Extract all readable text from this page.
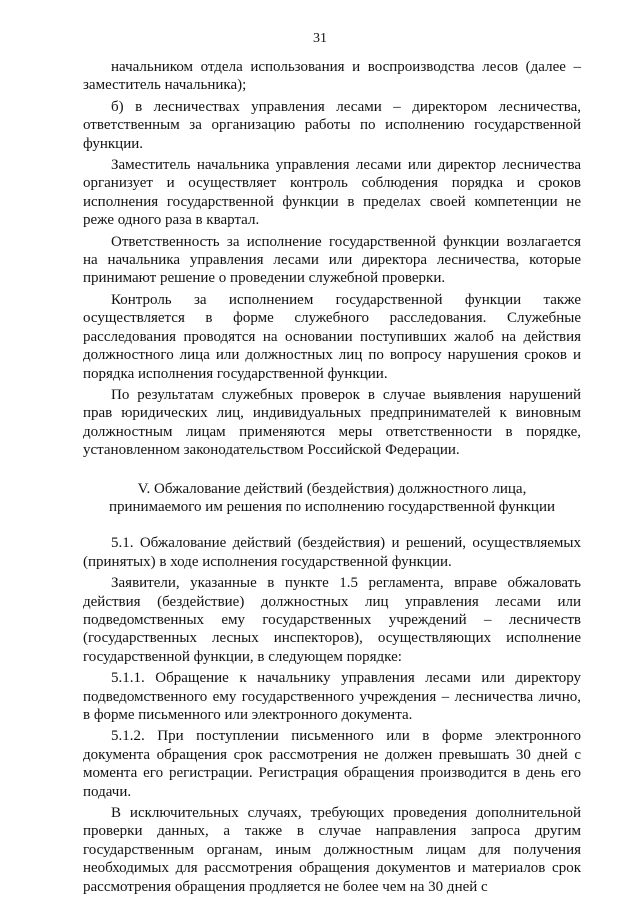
31

начальником отдела использования и воспроизводства лесов (далее – заместитель начальника);

б) в лесничествах управления лесами – директором лесничества, ответственным за организацию работы по исполнению государственной функции.

Заместитель начальника управления лесами или директор лесничества организует и осуществляет контроль соблюдения порядка и сроков исполнения государственной функции в пределах своей компетенции не реже одного раза в квартал.

Ответственность за исполнение государственной функции возлагается на начальника управления лесами или директора лесничества, которые принимают решение о проведении служебной проверки.

Контроль за исполнением государственной функции также осуществляется в форме служебного расследования. Служебные расследования проводятся на основании поступивших жалоб на действия должностного лица или должностных лиц по вопросу нарушения сроков и порядка исполнения государственной функции.

По результатам служебных проверок в случае выявления нарушений прав юридических лиц, индивидуальных предпринимателей к виновным должностным лицам применяются меры ответственности в порядке, установленном законодательством Российской Федерации.

V. Обжалование действий (бездействия) должностного лица,
принимаемого им решения по исполнению государственной функции

5.1. Обжалование действий (бездействия) и решений, осуществляемых (принятых) в ходе исполнения государственной функции.

Заявители, указанные в пункте 1.5 регламента, вправе обжаловать действия (бездействие) должностных лиц управления лесами или подведомственных ему государственных учреждений – лесничеств (государственных лесных инспекторов), осуществляющих исполнение государственной функции, в следующем порядке:

5.1.1. Обращение к начальнику управления лесами или директору подведомственного ему государственного учреждения – лесничества лично, в форме письменного или электронного документа.

5.1.2. При поступлении письменного или в форме электронного документа обращения срок рассмотрения не должен превышать 30 дней с момента его регистрации. Регистрация обращения производится в день его подачи.

В исключительных случаях, требующих проведения дополнительной проверки данных, а также в случае направления запроса другим государственным органам, иным должностным лицам для получения необходимых для рассмотрения обращения документов и материалов срок рассмотрения обращения продляется не более чем на 30 дней с
